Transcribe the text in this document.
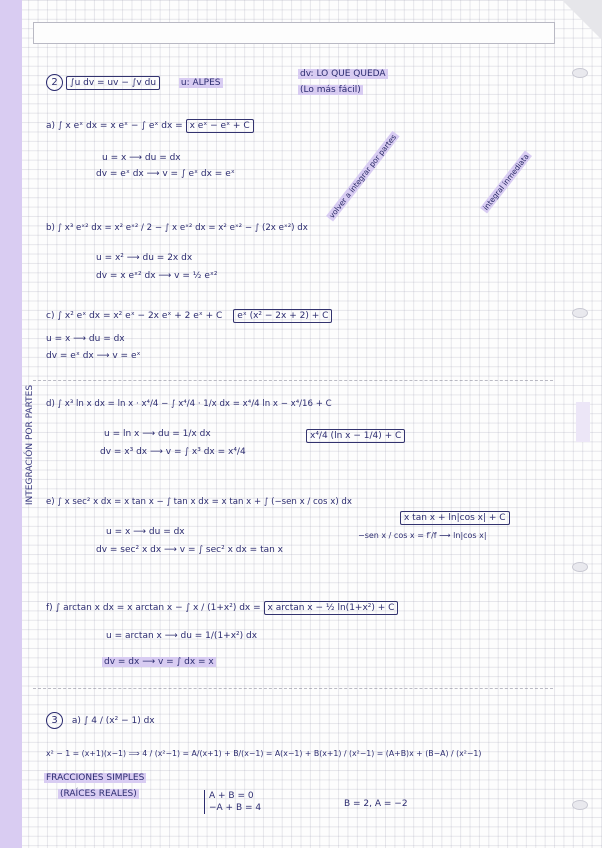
INTEGRACIÓN POR PARTES
2 ∫u dv = uv − ∫v du	u: ALPES
dv: LO QUE QUEDA
(Lo más fácil)
a) ∫ x eˣ dx = x eˣ − ∫ eˣ dx = x eˣ − eˣ + C
u = x ⟶ du = dx
dv = eˣ dx ⟶ v = ∫ eˣ dx = eˣ	volver a integrar por partes	integral inmediata
b) ∫ x³ eˣ² dx = x² eˣ² / 2 − ∫ x eˣ² dx = x² eˣ² − ∫ (2x eˣ²) dx
u = x² ⟶ du = 2x dx
dv = x eˣ² dx ⟶ v = ½ eˣ²
c) ∫ x² eˣ dx = x² eˣ − 2x eˣ + 2 eˣ + C eˣ (x² − 2x + 2) + C
u = x ⟶ du = dx
dv = eˣ dx ⟶ v = eˣ
d) ∫ x³ ln x dx = ln x · x⁴/4 − ∫ x⁴/4 · 1/x dx = x⁴/4 ln x − x⁴/16 + C
u = ln x ⟶ du = 1/x dx
dv = x³ dx ⟶ v = ∫ x³ dx = x⁴/4
x⁴/4 (ln x − 1/4) + C
e) ∫ x sec² x dx = x tan x − ∫ tan x dx = x tan x + ∫ (−sen x / cos x) dx
x tan x + ln|cos x| + C
u = x ⟶ du = dx
dv = sec² x dx ⟶ v = ∫ sec² x dx = tan x
−sen x / cos x = f′/f ⟶ ln|cos x|
f) ∫ arctan x dx = x arctan x − ∫ x / (1+x²) dx = x arctan x − ½ ln(1+x²) + C
u = arctan x ⟶ du = 1/(1+x²) dx
dv = dx ⟶ v = ∫ dx = x
3 a) ∫ 4 / (x² − 1) dx
x² − 1 = (x+1)(x−1) ⟹ 4 / (x²−1) = A/(x+1) + B/(x−1) = A(x−1) + B(x+1) / (x²−1) = (A+B)x + (B−A) / (x²−1)
FRACCIONES SIMPLES
(RAÍCES REALES)	A + B = 0
−A + B = 4	B = 2, A = −2
